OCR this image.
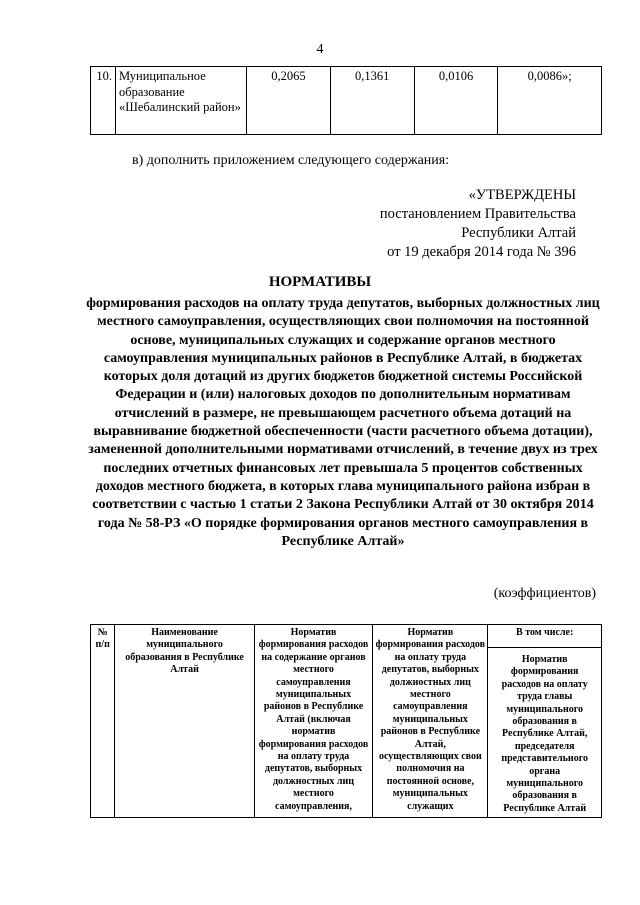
4
10.	Муниципальное образование «Шебалинский район»	0,2065	0,1361	0,0106	0,0086»;
в) дополнить приложением следующего содержания:
«УТВЕРЖДЕНЫ
постановлением Правительства
Республики Алтай
от 19 декабря 2014 года № 396
НОРМАТИВЫ
формирования расходов на оплату труда депутатов, выборных должностных лиц местного самоуправления, осуществляющих свои полномочия на постоянной основе, муниципальных служащих и содержание органов местного самоуправления муниципальных районов в Республике Алтай, в бюджетах которых доля дотаций из других бюджетов бюджетной системы Российской Федерации и (или) налоговых доходов по дополнительным нормативам отчислений в размере, не превышающем расчетного объема дотаций на выравнивание бюджетной обеспеченности (части расчетного объема дотации), замененной дополнительными нормативами отчислений, в течение двух из трех последних отчетных финансовых лет превышала 5 процентов собственных доходов местного бюджета, в которых глава муниципального района избран в соответствии с частью 1 статьи 2 Закона Республики Алтай от 30 октября 2014 года № 58-РЗ «О порядке формирования органов местного самоуправления в Республике Алтай»
(коэффициентов)
№ п/п	Наименование муниципального образования в Республике Алтай	Норматив формирования расходов на содержание органов местного самоуправления муниципальных районов в Республике Алтай (включая норматив формирования расходов на оплату труда депутатов, выборных должностных лиц местного самоуправления,	Норматив формирования расходов на оплату труда депутатов, выборных должностных лиц местного самоуправления муниципальных районов в Республике Алтай, осуществляющих свои полномочия на постоянной основе, муниципальных служащих	В том числе:
Норматив формирования расходов на оплату труда главы муниципального образования в Республике Алтай, председателя представительного органа муниципального образования в Республике Алтай
